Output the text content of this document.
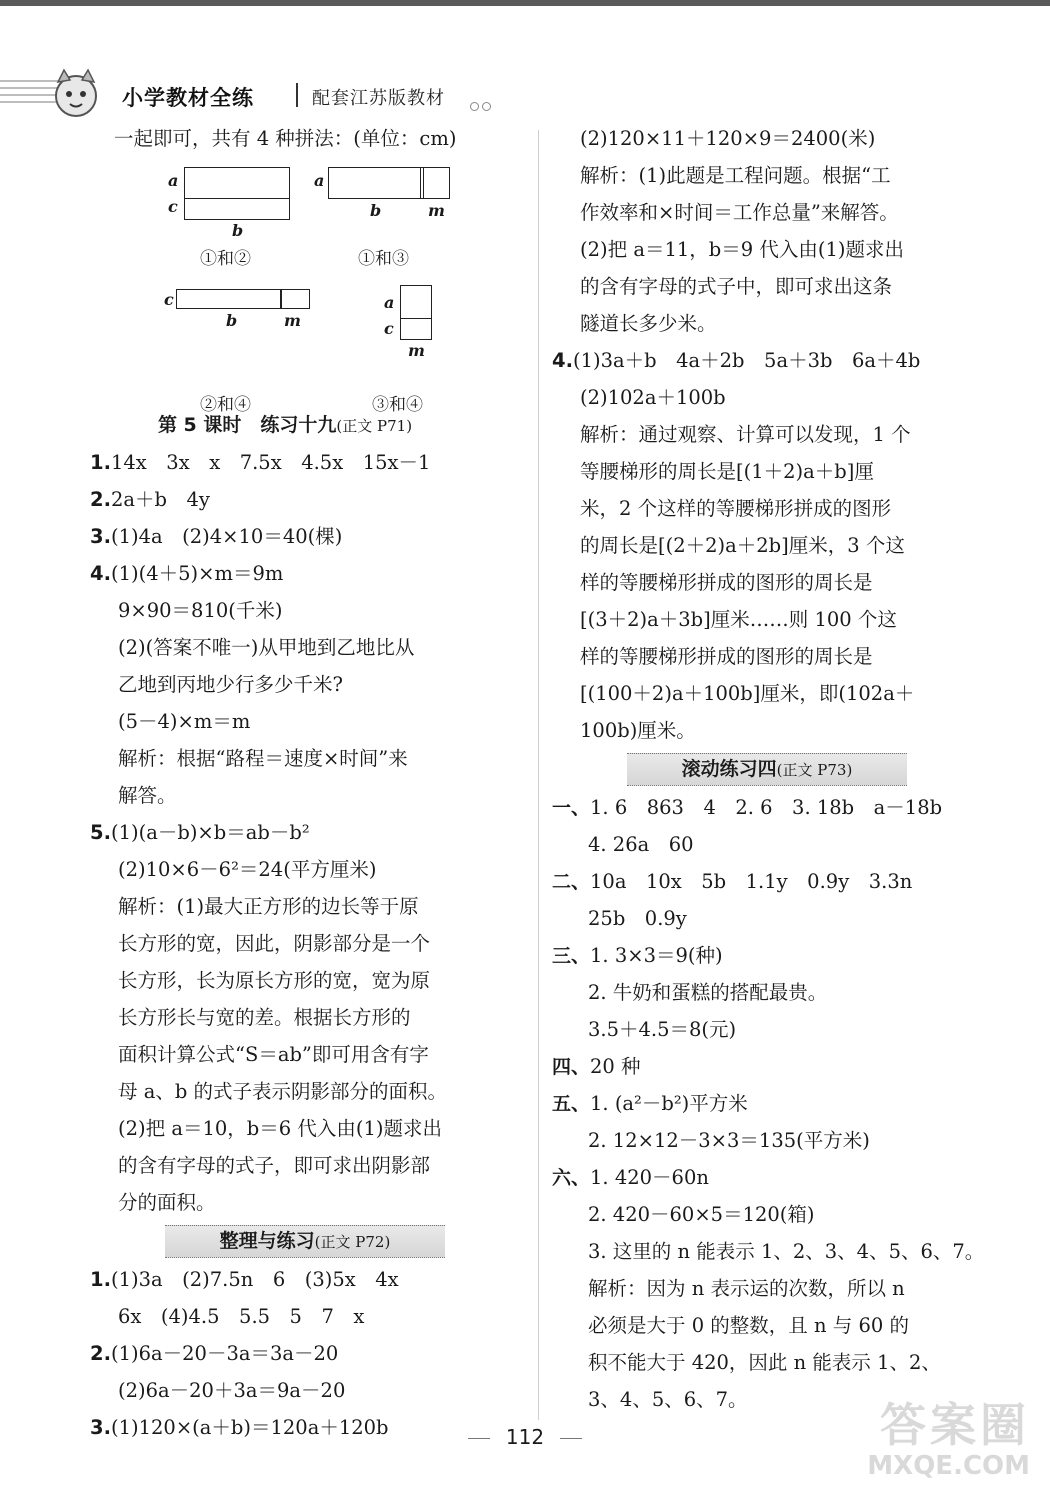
小学教材全练	配套江苏版教材
一起即可，共有 4 种拼法：(单位：cm)
a
c
b
①和②
a
b	m
①和③
c
b	m
②和④
a
c
m
③和④
第 5 课时　练习十九(正文 P71)
1.14x　3x　x　7.5x　4.5x　15x－1
2.2a＋b　4y
3.(1)4a　(2)4×10＝40(棵)
4.(1)(4＋5)×m＝9m
9×90＝810(千米)
(2)(答案不唯一)从甲地到乙地比从
乙地到丙地少行多少千米?
(5－4)×m＝m
解析：根据“路程＝速度×时间”来
解答。
5.(1)(a－b)×b＝ab－b²
(2)10×6－6²＝24(平方厘米)
解析：(1)最大正方形的边长等于原
长方形的宽，因此，阴影部分是一个
长方形，长为原长方形的宽，宽为原
长方形长与宽的差。根据长方形的
面积计算公式“S＝ab”即可用含有字
母 a、b 的式子表示阴影部分的面积。
(2)把 a＝10，b＝6 代入由(1)题求出
的含有字母的式子，即可求出阴影部
分的面积。
整理与练习(正文 P72)
1.(1)3a　(2)7.5n　6　(3)5x　4x
6x　(4)4.5　5.5　5　7　x
2.(1)6a－20－3a＝3a－20
(2)6a－20＋3a＝9a－20
3.(1)120×(a＋b)＝120a＋120b
(2)120×11＋120×9＝2400(米)
解析：(1)此题是工程问题。根据“工
作效率和×时间＝工作总量”来解答。
(2)把 a＝11，b＝9 代入由(1)题求出
的含有字母的式子中，即可求出这条
隧道长多少米。
4.(1)3a＋b　4a＋2b　5a＋3b　6a＋4b
(2)102a＋100b
解析：通过观察、计算可以发现，1 个
等腰梯形的周长是[(1＋2)a＋b]厘
米，2 个这样的等腰梯形拼成的图形
的周长是[(2＋2)a＋2b]厘米，3 个这
样的等腰梯形拼成的图形的周长是
[(3＋2)a＋3b]厘米……则 100 个这
样的等腰梯形拼成的图形的周长是
[(100＋2)a＋100b]厘米，即(102a＋
100b)厘米。
滚动练习四(正文 P73)
一、1. 6　863　4　2. 6　3. 18b　a－18b
4. 26a　60
二、10a　10x　5b　1.1y　0.9y　3.3n
25b　0.9y
三、1. 3×3＝9(种)
2. 牛奶和蛋糕的搭配最贵。
3.5＋4.5＝8(元)
四、20 种
五、1. (a²－b²)平方米
2. 12×12－3×3＝135(平方米)
六、1. 420－60n
2. 420－60×5＝120(箱)
3. 这里的 n 能表示 1、2、3、4、5、6、7。
解析：因为 n 表示运的次数，所以 n
必须是大于 0 的整数，且 n 与 60 的
积不能大于 420，因此 n 能表示 1、2、
3、4、5、6、7。
112	答案圈
MXQE.COM
